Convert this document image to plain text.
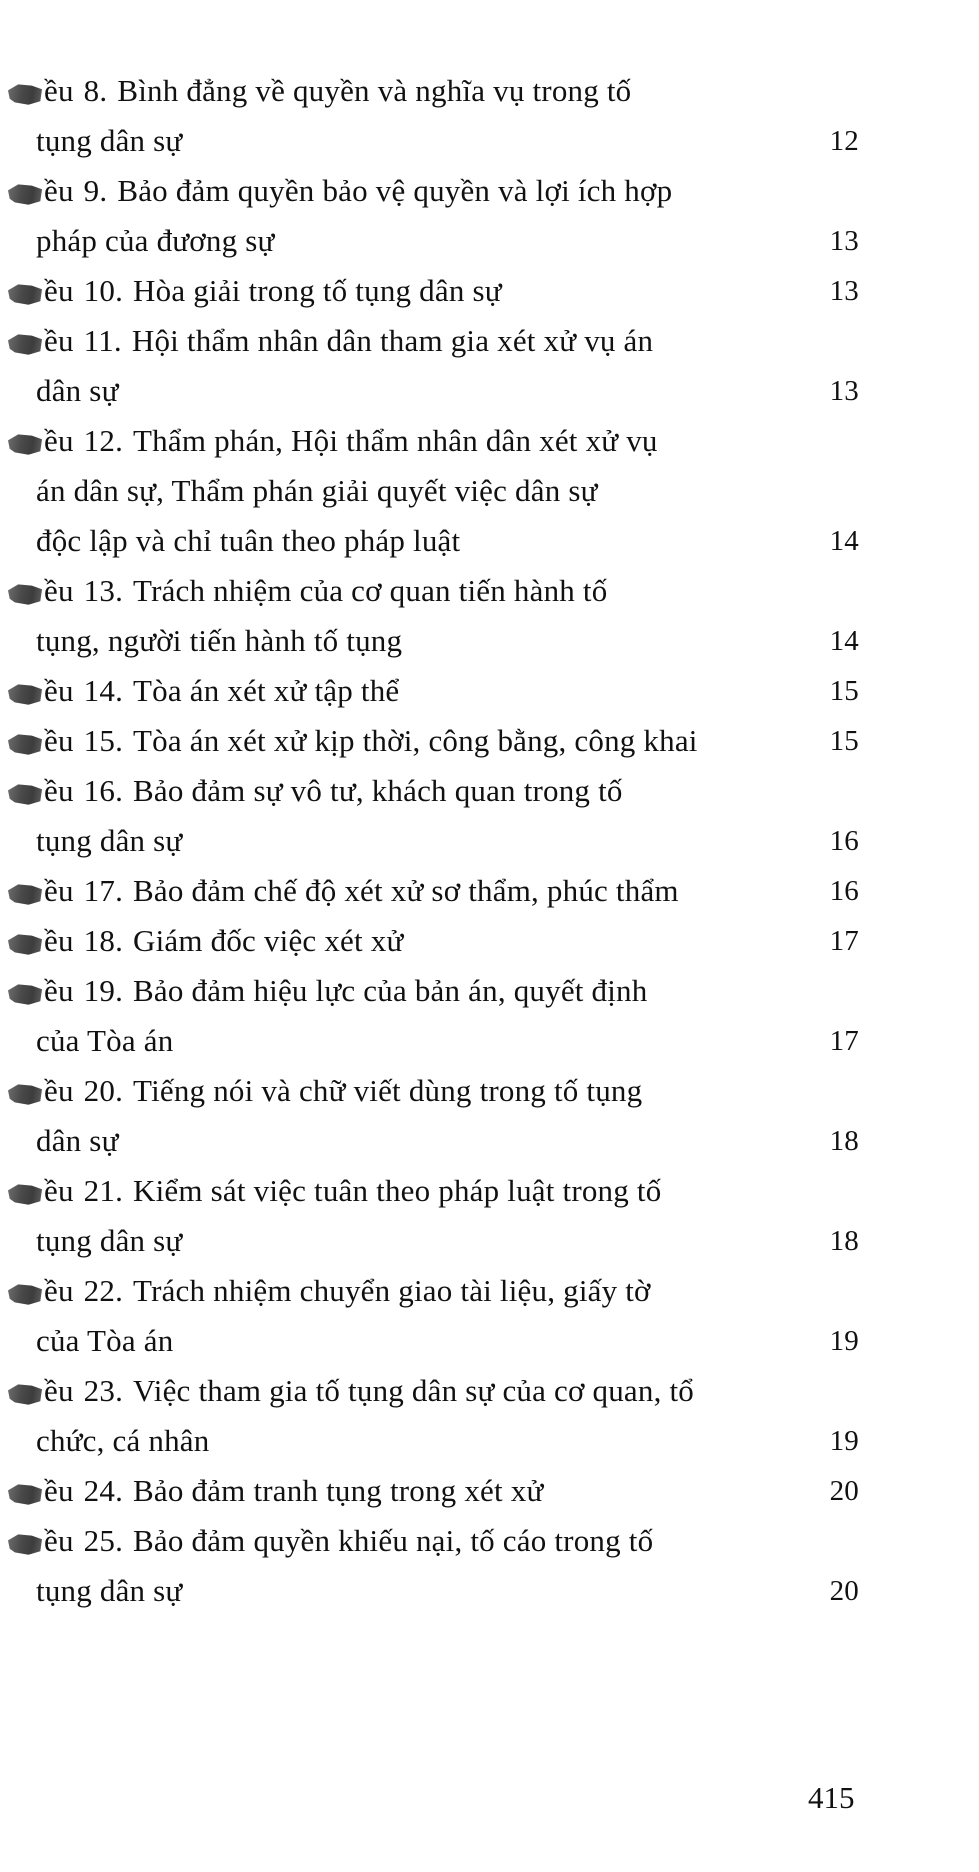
ều 8. Bình đẳng về quyền và nghĩa vụ trong tố
tụng dân sự	12
ều 9. Bảo đảm quyền bảo vệ quyền và lợi ích hợp
pháp của đương sự	13
ều 10. Hòa giải trong tố tụng dân sự	13
ều 11. Hội thẩm nhân dân tham gia xét xử vụ án
dân sự	13
ều 12. Thẩm phán, Hội thẩm nhân dân xét xử vụ
án dân sự, Thẩm phán giải quyết việc dân sự
độc lập và chỉ tuân theo pháp luật	14
ều 13. Trách nhiệm của cơ quan tiến hành tố
tụng, người tiến hành tố tụng	14
ều 14. Tòa án xét xử tập thể	15
ều 15. Tòa án xét xử kịp thời, công bằng, công khai	15
ều 16. Bảo đảm sự vô tư, khách quan trong tố
tụng dân sự	16
ều 17. Bảo đảm chế độ xét xử sơ thẩm, phúc thẩm	16
ều 18. Giám đốc việc xét xử	17
ều 19. Bảo đảm hiệu lực của bản án, quyết định
của Tòa án	17
ều 20. Tiếng nói và chữ viết dùng trong tố tụng
dân sự	18
ều 21. Kiểm sát việc tuân theo pháp luật trong tố
tụng dân sự	18
ều 22. Trách nhiệm chuyển giao tài liệu, giấy tờ
của Tòa án	19
ều 23. Việc tham gia tố tụng dân sự của cơ quan, tổ
chức, cá nhân	19
ều 24. Bảo đảm tranh tụng trong xét xử	20
ều 25. Bảo đảm quyền khiếu nại, tố cáo trong tố
tụng dân sự	20
415
